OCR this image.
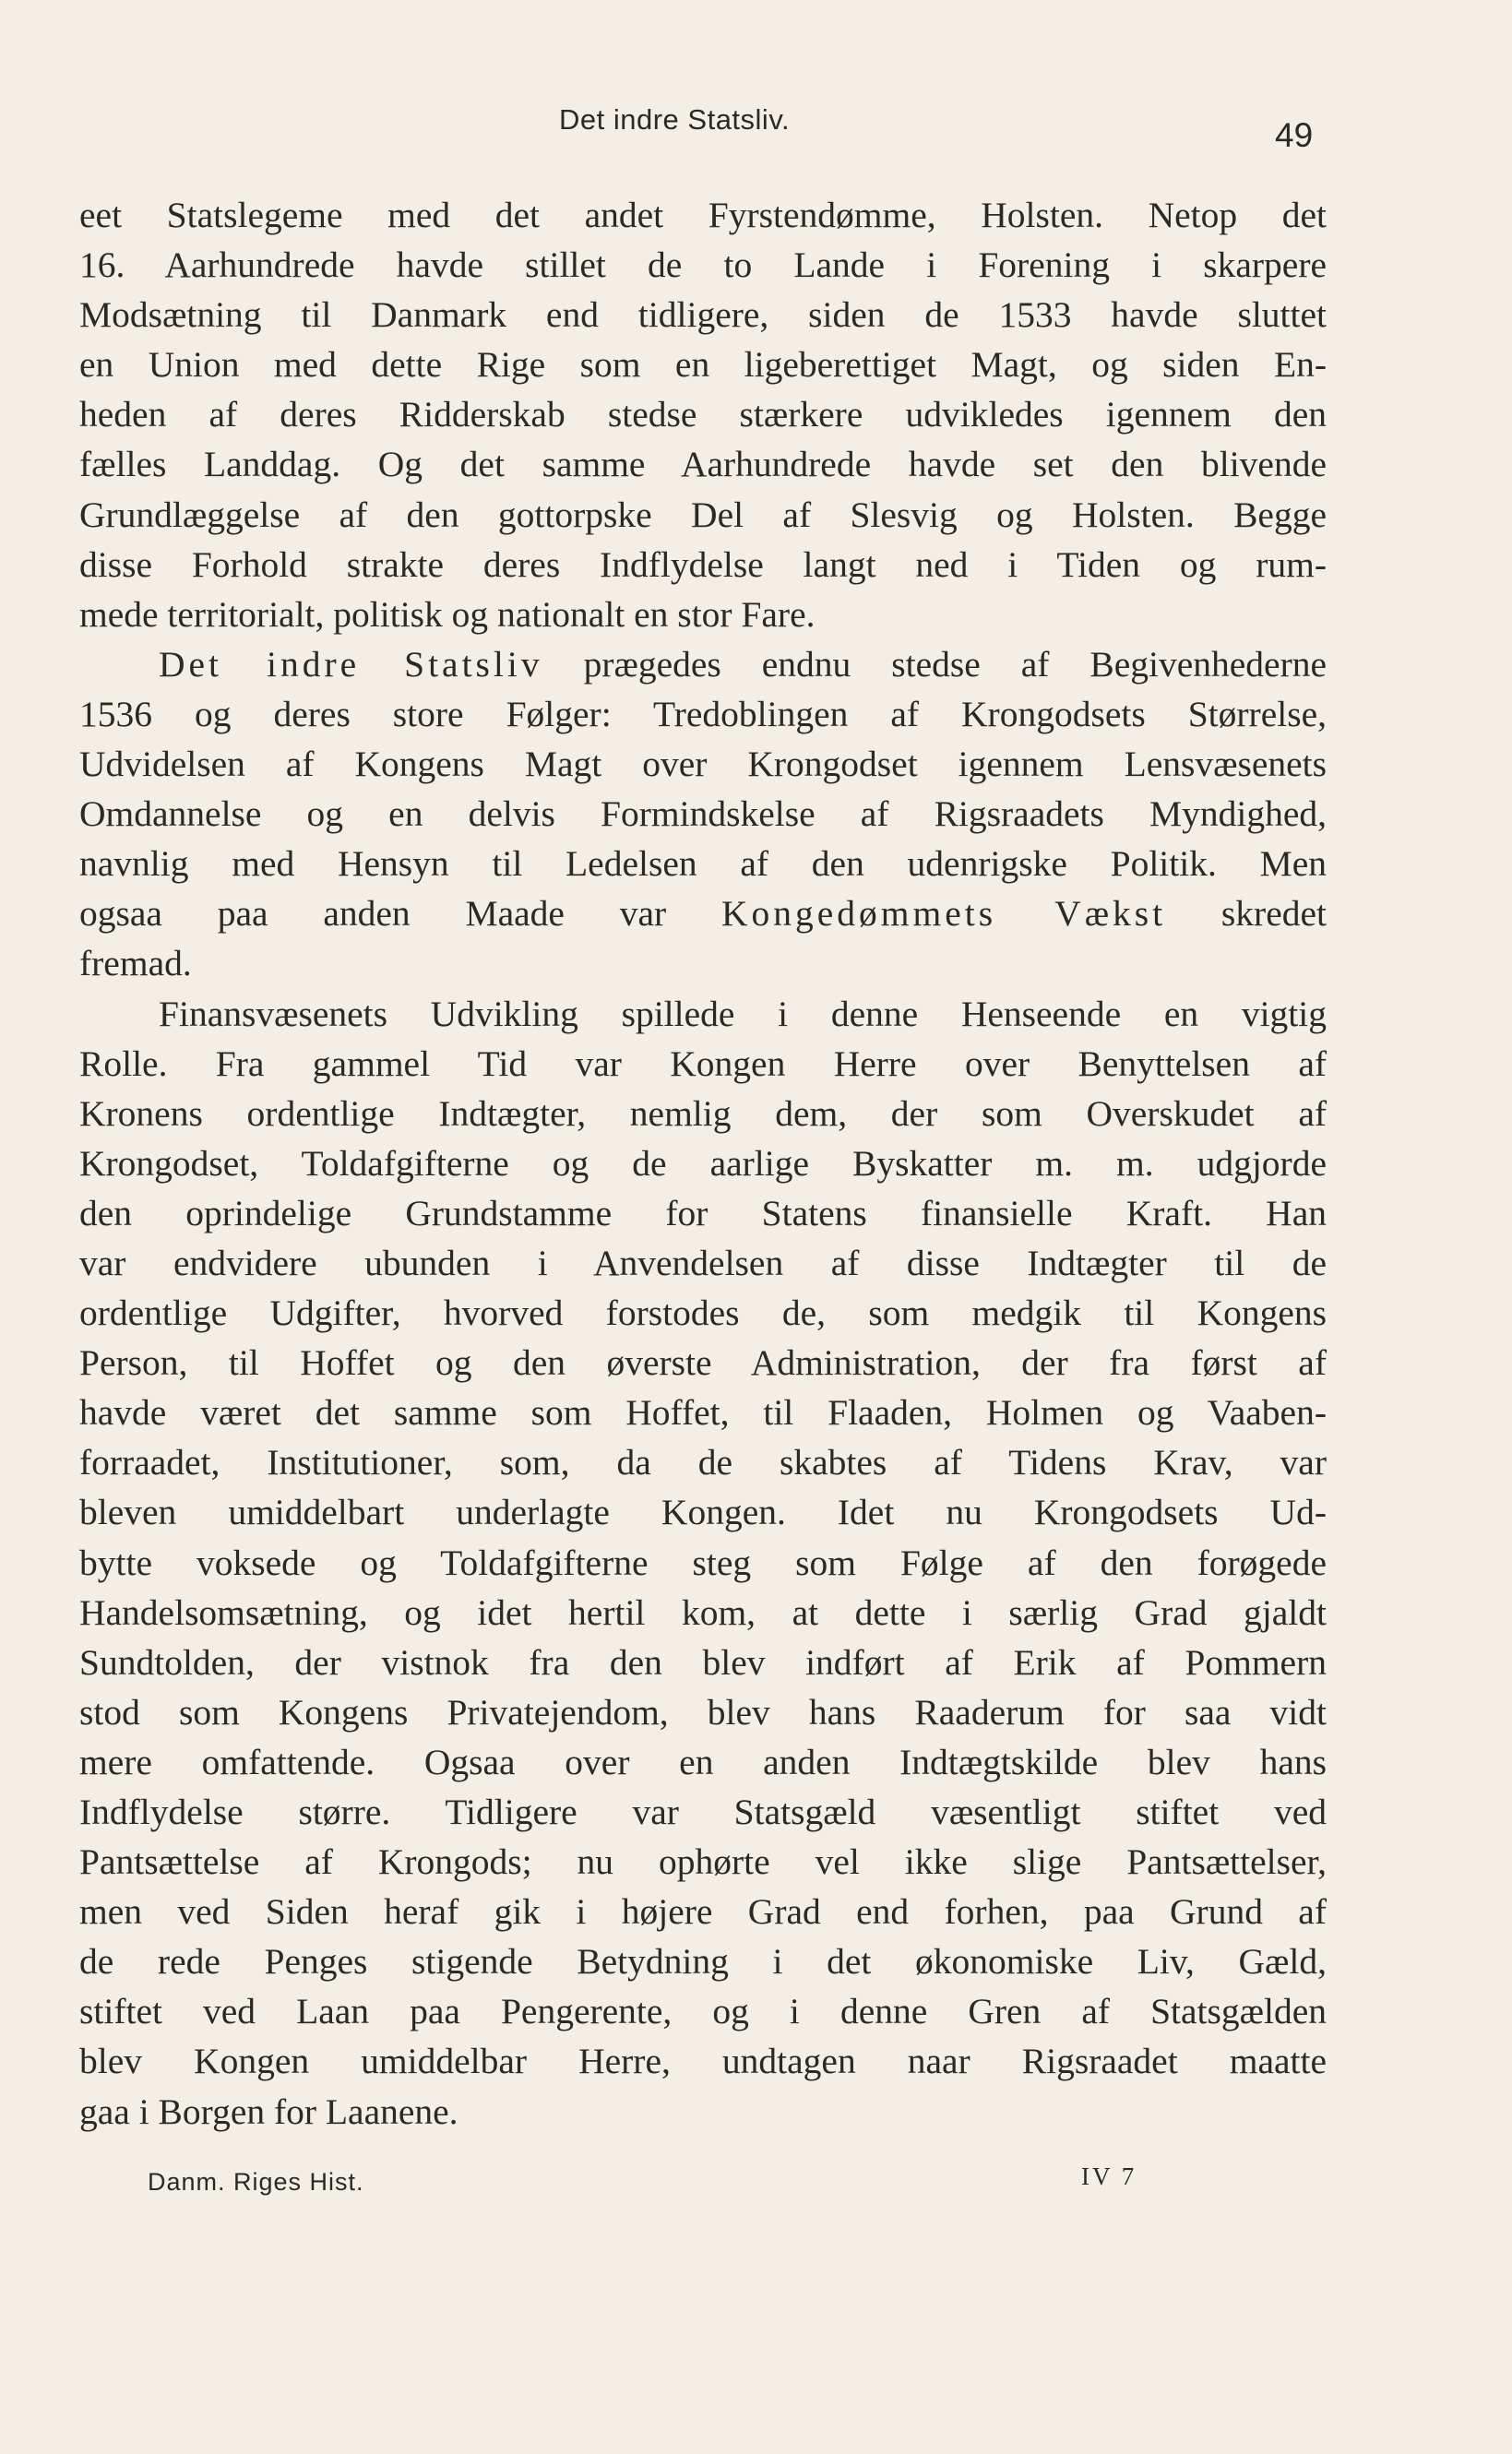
Det indre Statsliv.	49
eet Statslegeme med det andet Fyrstendømme, Holsten. Netop det
16. Aarhundrede havde stillet de to Lande i Forening i skarpere
Modsætning til Danmark end tidligere, siden de 1533 havde sluttet
en Union med dette Rige som en ligeberettiget Magt, og siden En-
heden af deres Ridderskab stedse stærkere udvikledes igennem den
fælles Landdag. Og det samme Aarhundrede havde set den blivende
Grundlæggelse af den gottorpske Del af Slesvig og Holsten. Begge
disse Forhold strakte deres Indflydelse langt ned i Tiden og rum-
mede territorialt, politisk og nationalt en stor Fare.
Det indre Statsliv prægedes endnu stedse af Begivenhederne
1536 og deres store Følger: Tredoblingen af Krongodsets Størrelse,
Udvidelsen af Kongens Magt over Krongodset igennem Lensvæsenets
Omdannelse og en delvis Formindskelse af Rigsraadets Myndighed,
navnlig med Hensyn til Ledelsen af den udenrigske Politik. Men
ogsaa paa anden Maade var Kongedømmets Vækst skredet
fremad.
Finansvæsenets Udvikling spillede i denne Henseende en vigtig
Rolle. Fra gammel Tid var Kongen Herre over Benyttelsen af
Kronens ordentlige Indtægter, nemlig dem, der som Overskudet af
Krongodset, Toldafgifterne og de aarlige Byskatter m. m. udgjorde
den oprindelige Grundstamme for Statens finansielle Kraft. Han
var endvidere ubunden i Anvendelsen af disse Indtægter til de
ordentlige Udgifter, hvorved forstodes de, som medgik til Kongens
Person, til Hoffet og den øverste Administration, der fra først af
havde været det samme som Hoffet, til Flaaden, Holmen og Vaaben-
forraadet, Institutioner, som, da de skabtes af Tidens Krav, var
bleven umiddelbart underlagte Kongen. Idet nu Krongodsets Ud-
bytte voksede og Toldafgifterne steg som Følge af den forøgede
Handelsomsætning, og idet hertil kom, at dette i særlig Grad gjaldt
Sundtolden, der vistnok fra den blev indført af Erik af Pommern
stod som Kongens Privatejendom, blev hans Raaderum for saa vidt
mere omfattende. Ogsaa over en anden Indtægtskilde blev hans
Indflydelse større. Tidligere var Statsgæld væsentligt stiftet ved
Pantsættelse af Krongods; nu ophørte vel ikke slige Pantsættelser,
men ved Siden heraf gik i højere Grad end forhen, paa Grund af
de rede Penges stigende Betydning i det økonomiske Liv, Gæld,
stiftet ved Laan paa Pengerente, og i denne Gren af Statsgælden
blev Kongen umiddelbar Herre, undtagen naar Rigsraadet maatte
gaa i Borgen for Laanene.
Danm. Riges Hist.	IV 7
